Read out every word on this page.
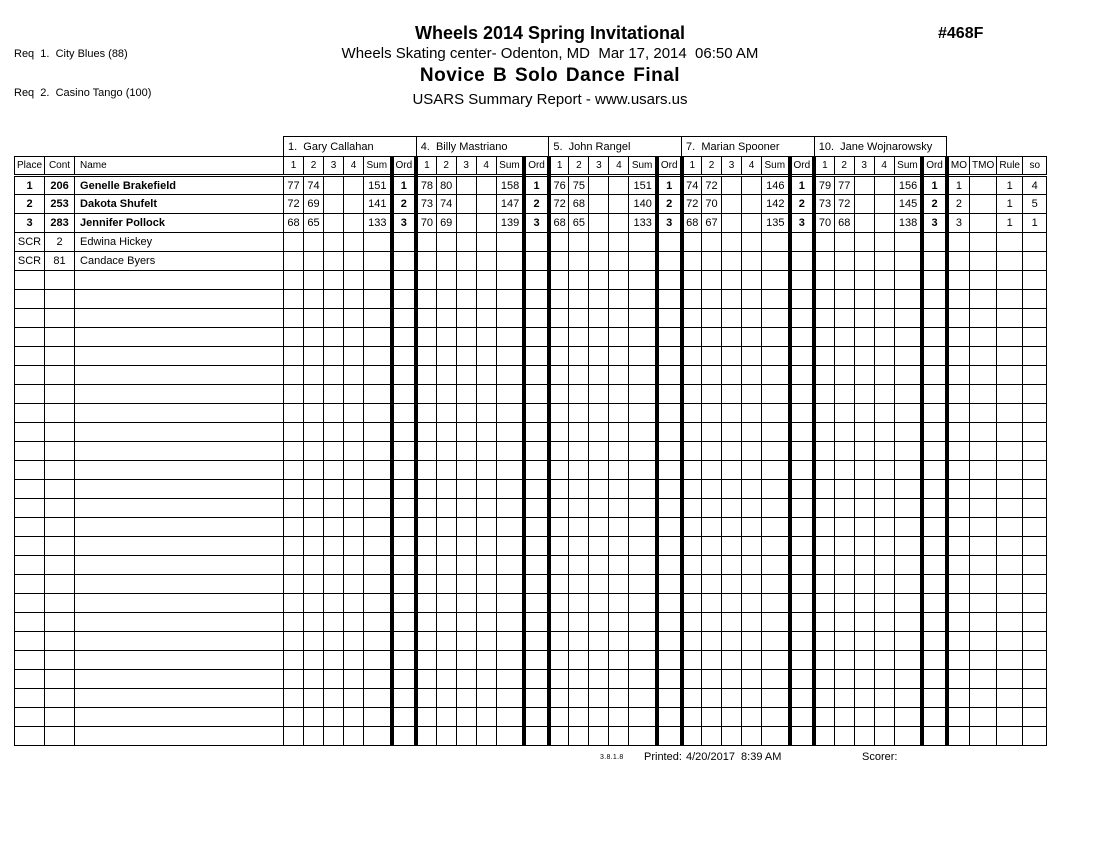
Req  1.  City Blues (88)

Req  2.  Casino Tango (100)

Wheels 2014 Spring Invitational
Wheels Skating center- Odenton, MD  Mar 17, 2014  06:50 AM
Novice B Solo Dance Final
USARS Summary Report - www.usars.us
#468F
			1.  Gary Callahan						4.  Billy Mastriano						5.  John Rangel						7.  Marian Spooner						10.  Jane Wojnarowsky									
Place	Cont	Name	1	2	3	4	Sum	Ord	1	2	3	4	Sum	Ord	1	2	3	4	Sum	Ord	1	2	3	4	Sum	Ord	1	2	3	4	Sum	Ord	MO	TMO	Rule	so
1	206	Genelle Brakefield	77	74			151	1	78	80			158	1	76	75			151	1	74	72			146	1	79	77			156	1	1		1	4
2	253	Dakota Shufelt	72	69			141	2	73	74			147	2	72	68			140	2	72	70			142	2	73	72			145	2	2		1	5
3	283	Jennifer Pollock	68	65			133	3	70	69			139	3	68	65			133	3	68	67			135	3	70	68			138	3	3		1	1
SCR	2	Edwina Hickey																																		
SCR	81	Candace Byers																																		

3.8.1.8 Printed: 4/20/2017  8:39 AM	Scorer:
